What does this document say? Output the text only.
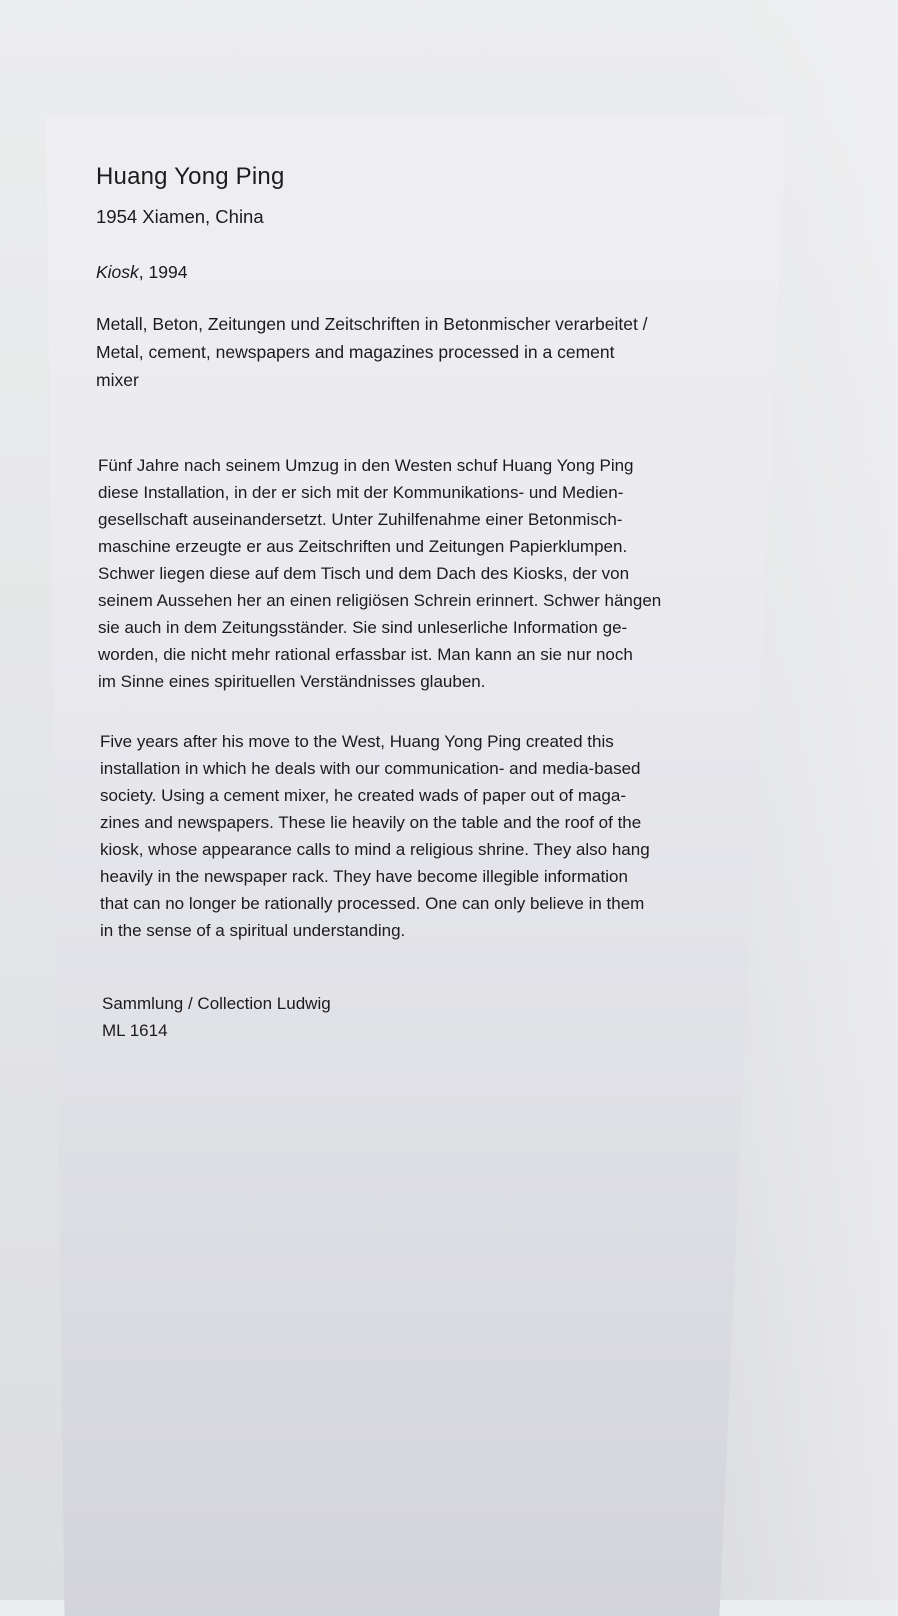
Huang Yong Ping
1954 Xiamen, China
Kiosk, 1994
Metall, Beton, Zeitungen und Zeitschriften in Betonmischer verarbeitet /
Metal, cement, newspapers and magazines processed in a cement
mixer
Fünf Jahre nach seinem Umzug in den Westen schuf Huang Yong Ping
diese Installation, in der er sich mit der Kommunikations- und Medien-
gesellschaft auseinandersetzt. Unter Zuhilfenahme einer Betonmisch-
maschine erzeugte er aus Zeitschriften und Zeitungen Papierklumpen.
Schwer liegen diese auf dem Tisch und dem Dach des Kiosks, der von
seinem Aussehen her an einen religiösen Schrein erinnert. Schwer hängen
sie auch in dem Zeitungsständer. Sie sind unleserliche Information ge-
worden, die nicht mehr rational erfassbar ist. Man kann an sie nur noch
im Sinne eines spirituellen Verständnisses glauben.
Five years after his move to the West, Huang Yong Ping created this
installation in which he deals with our communication- and media-based
society. Using a cement mixer, he created wads of paper out of maga-
zines and newspapers. These lie heavily on the table and the roof of the
kiosk, whose appearance calls to mind a religious shrine. They also hang
heavily in the newspaper rack. They have become illegible information
that can no longer be rationally processed. One can only believe in them
in the sense of a spiritual understanding.
Sammlung / Collection Ludwig
ML 1614
